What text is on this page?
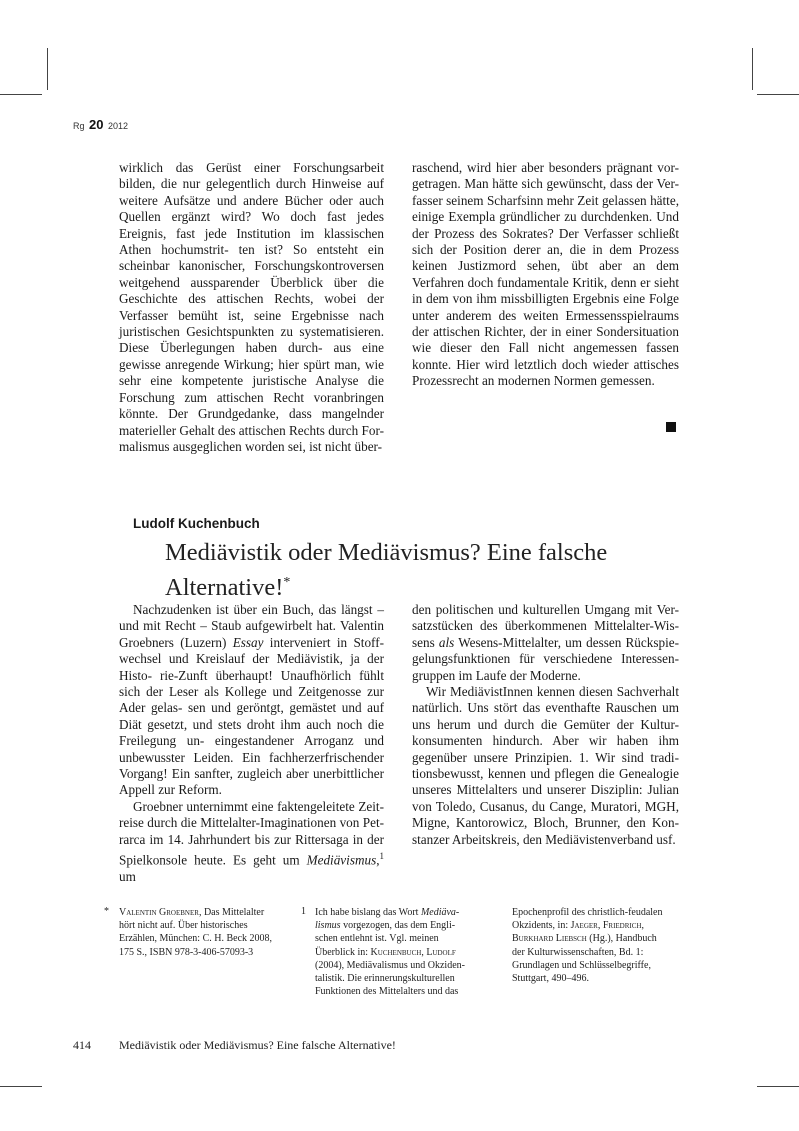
Rg 20 2012

wirklich das Gerüst einer Forschungsarbeit bilden, die nur gelegentlich durch Hinweise auf weitere Aufsätze und andere Bücher oder auch Quellen ergänzt wird? Wo doch fast jedes Ereignis, fast jede Institution im klassischen Athen hochumstrit- ten ist? So entsteht ein scheinbar kanonischer, Forschungskontroversen weitgehend aussparender Überblick über die Geschichte des attischen Rechts, wobei der Verfasser bemüht ist, seine Ergebnisse nach juristischen Gesichtspunkten zu systematisieren. Diese Überlegungen haben durch- aus eine gewisse anregende Wirkung; hier spürt man, wie sehr eine kompetente juristische Analyse die Forschung zum attischen Recht voranbringen könnte. Der Grundgedanke, dass mangelnder materieller Gehalt des attischen Rechts durch For- malismus ausgeglichen worden sei, ist nicht über-

raschend, wird hier aber besonders prägnant vor- getragen. Man hätte sich gewünscht, dass der Ver- fasser seinem Scharfsinn mehr Zeit gelassen hätte, einige Exempla gründlicher zu durchdenken. Und der Prozess des Sokrates? Der Verfasser schließt sich der Position derer an, die in dem Prozess keinen Justizmord sehen, übt aber an dem Verfahren doch fundamentale Kritik, denn er sieht in dem von ihm missbilligten Ergebnis eine Folge unter anderem des weiten Ermessensspielraums der attischen Richter, der in einer Sondersituation wie dieser den Fall nicht angemessen fassen konnte. Hier wird letztlich doch wieder attisches Prozessrecht an modernen Normen gemessen.

Ludolf Kuchenbuch
Mediävistik oder Mediävismus? Eine falsche
Alternative!*

Nachzudenken ist über ein Buch, das längst – und mit Recht – Staub aufgewirbelt hat. Valentin Groebners (Luzern) Essay interveniert in Stoff- wechsel und Kreislauf der Mediävistik, ja der Histo- rie-Zunft überhaupt! Unaufhörlich fühlt sich der Leser als Kollege und Zeitgenosse zur Ader gelas- sen und geröntgt, gemästet und auf Diät gesetzt, und stets droht ihm auch noch die Freilegung un- eingestandener Arroganz und unbewusster Leiden. Ein fachherzerfrischender Vorgang! Ein sanfter, zugleich aber unerbittlicher Appell zur Reform.

Groebner unternimmt eine faktengeleitete Zeit- reise durch die Mittelalter-Imaginationen von Pet- rarca im 14. Jahrhundert bis zur Rittersaga in der Spielkonsole heute. Es geht um Mediävismus,$^1$ um

den politischen und kulturellen Umgang mit Ver- satzstücken des überkommenen Mittelalter-Wis- sens als Wesens-Mittelalter, um dessen Rückspie- gelungsfunktionen für verschiedene Interessen- gruppen im Laufe der Moderne.

Wir MediävistInnen kennen diesen Sachverhalt natürlich. Uns stört das eventhafte Rauschen um uns herum und durch die Gemüter der Kultur- konsumenten hindurch. Aber wir haben ihm gegenüber unsere Prinzipien. 1. Wir sind tradi- tionsbewusst, kennen und pflegen die Genealogie unseres Mittelalters und unserer Disziplin: Julian von Toledo, Cusanus, du Cange, Muratori, MGH, Migne, Kantorowicz, Bloch, Brunner, den Kon- stanzer Arbeitskreis, den Mediävistenverband usf.

* Valentin Groebner, Das Mittelalter
hört nicht auf. Über historisches
Erzählen, München: C. H. Beck 2008,
175 S., ISBN 978-3-406-57093-3
1 Ich habe bislang das Wort Mediäva-
lismus vorgezogen, das dem Engli-
schen entlehnt ist. Vgl. meinen
Überblick in: Kuchenbuch, Ludolf
(2004), Mediävalismus und Okziden-
talistik. Die erinnerungskulturellen
Funktionen des Mittelalters und das
Epochenprofil des christlich-feudalen
Okzidents, in: Jaeger, Friedrich,
Burkhard Liebsch (Hg.), Handbuch
der Kulturwissenschaften, Bd. 1:
Grundlagen und Schlüsselbegriffe,
Stuttgart, 490–496.
414 Mediävistik oder Mediävismus? Eine falsche Alternative!
